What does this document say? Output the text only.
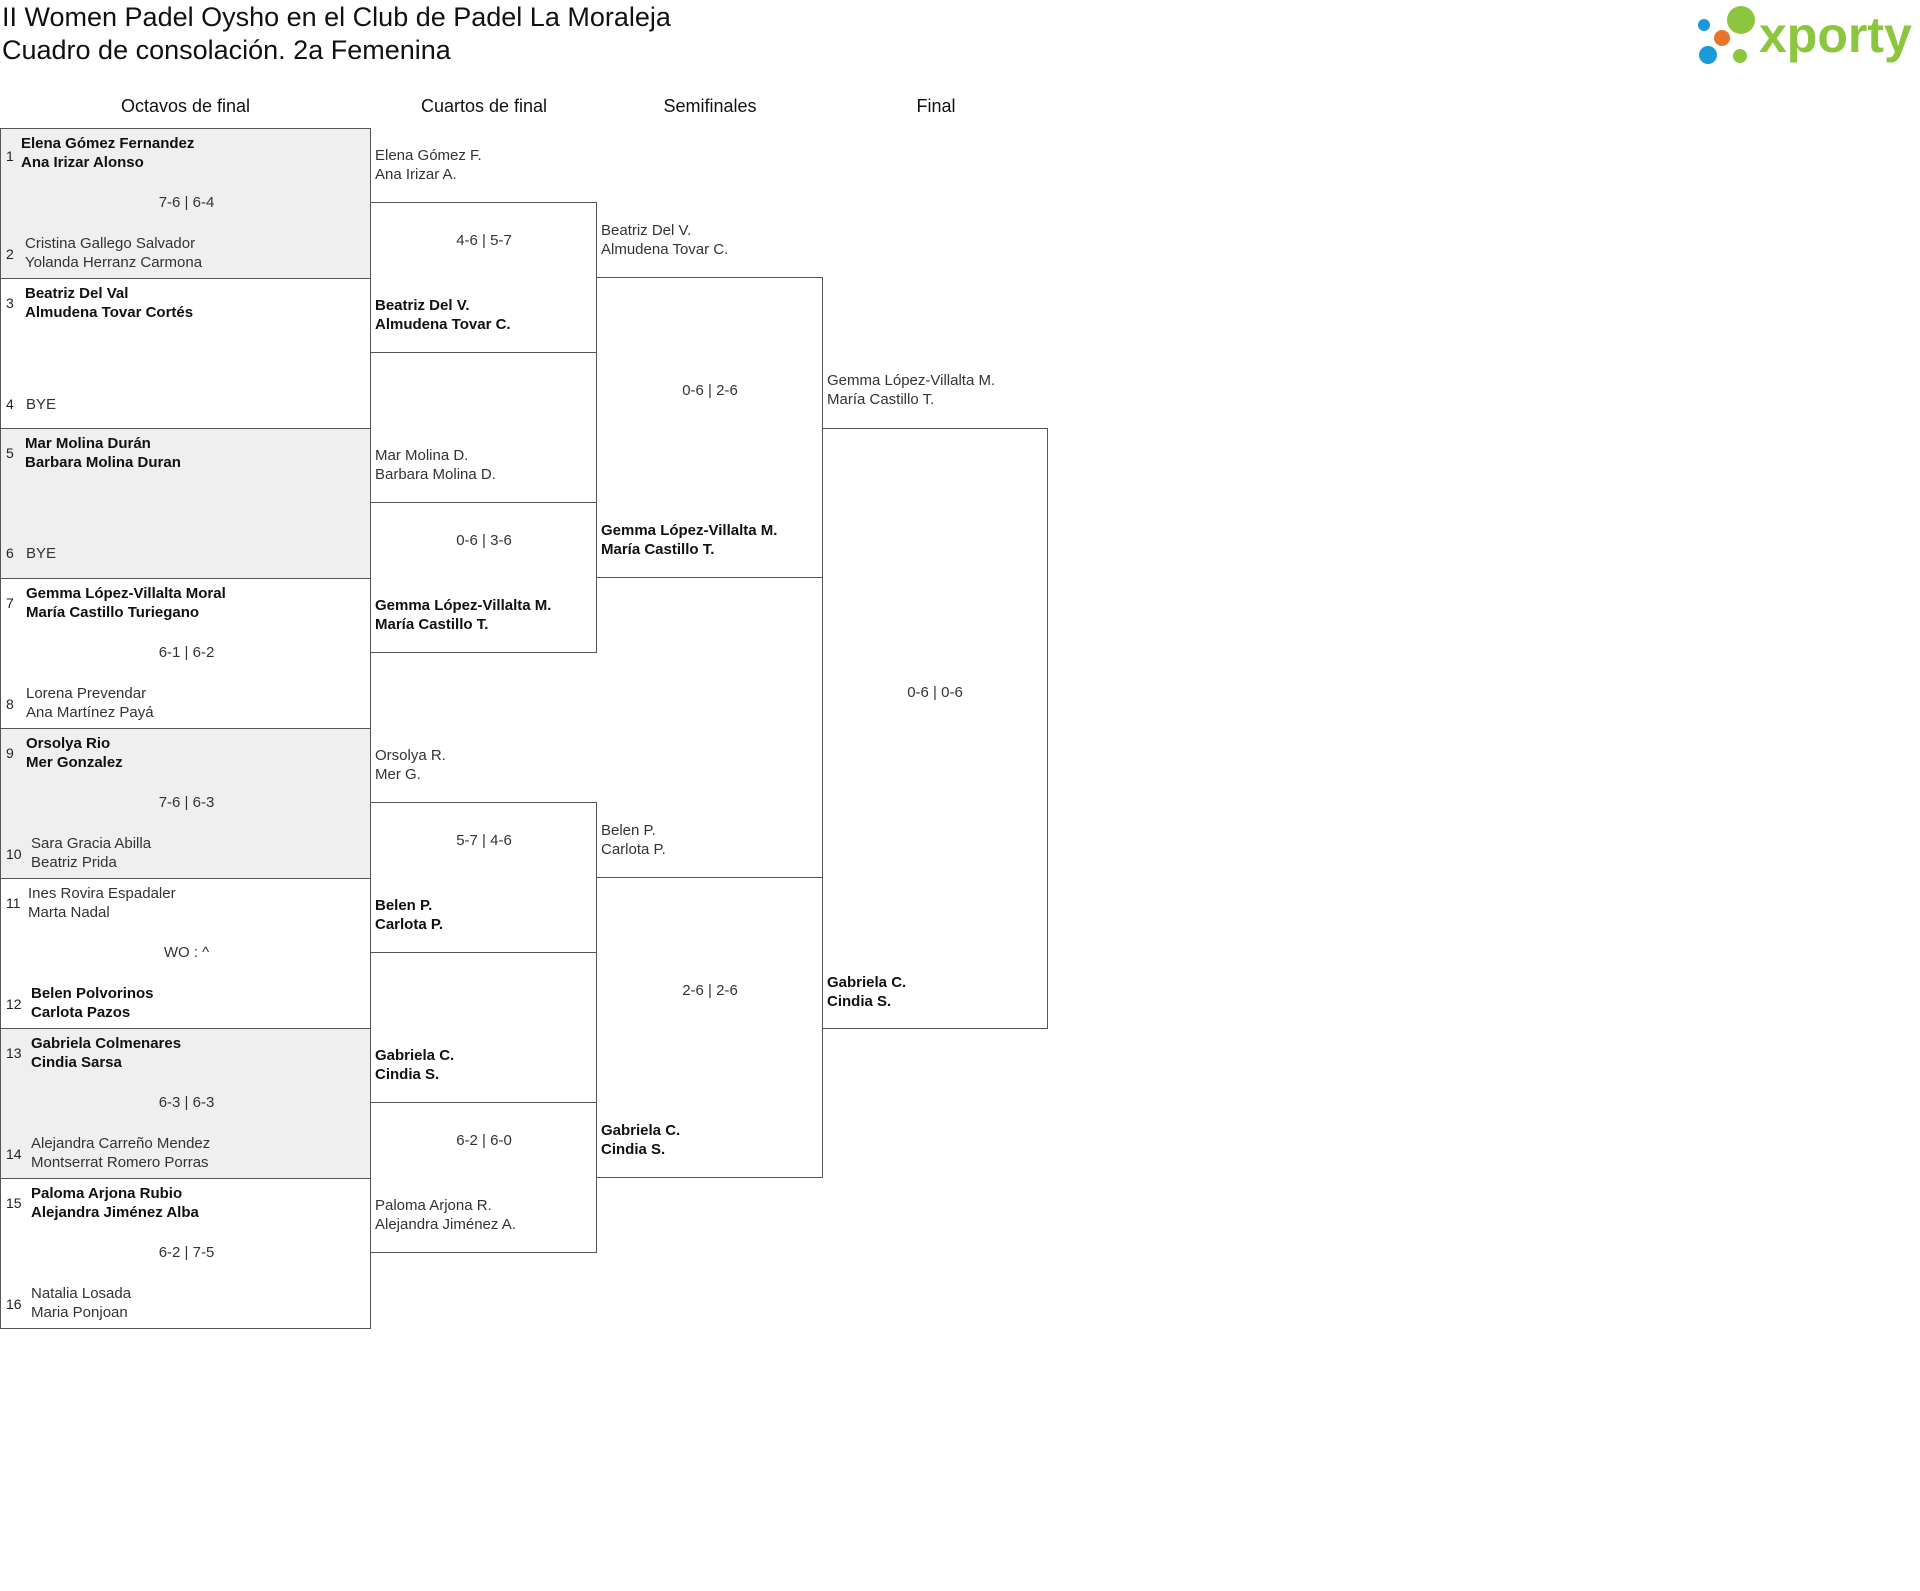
II Women Padel Oysho en el Club de Padel La Moraleja
Cuadro de consolación. 2a Femenina	xporty
Octavos de final	Cuartos de final	Semifinales	Final
1
Elena Gómez Fernandez
Ana Irizar Alonso
7-6 | 6-4
2
Cristina Gallego Salvador
Yolanda Herranz Carmona
3
Beatriz Del Val
Almudena Tovar Cortés
4 BYE
5
Mar Molina Durán
Barbara Molina Duran
6 BYE
7
Gemma López-Villalta Moral
María Castillo Turiegano
6-1 | 6-2
8
Lorena Prevendar
Ana Martínez Payá
9
Orsolya Rio
Mer Gonzalez
7-6 | 6-3
10
Sara Gracia Abilla
Beatriz Prida
11
Ines Rovira Espadaler
Marta Nadal
WO : ^
12
Belen Polvorinos
Carlota Pazos
13
Gabriela Colmenares
Cindia Sarsa
6-3 | 6-3
14
Alejandra Carreño Mendez
Montserrat Romero Porras
15
Paloma Arjona Rubio
Alejandra Jiménez Alba
6-2 | 7-5
16
Natalia Losada
Maria Ponjoan
Elena Gómez F.
Ana Irizar A.
4-6 | 5-7
Beatriz Del V.
Almudena Tovar C.
Mar Molina D.
Barbara Molina D.
0-6 | 3-6
Gemma López-Villalta M.
María Castillo T.
Orsolya R.
Mer G.
5-7 | 4-6
Belen P.
Carlota P.
Gabriela C.
Cindia S.
6-2 | 6-0
Paloma Arjona R.
Alejandra Jiménez A.
Beatriz Del V.
Almudena Tovar C.
0-6 | 2-6
Gemma López-Villalta M.
María Castillo T.
Belen P.
Carlota P.
2-6 | 2-6
Gabriela C.
Cindia S.
Gemma López-Villalta M.
María Castillo T.
0-6 | 0-6
Gabriela C.
Cindia S.
